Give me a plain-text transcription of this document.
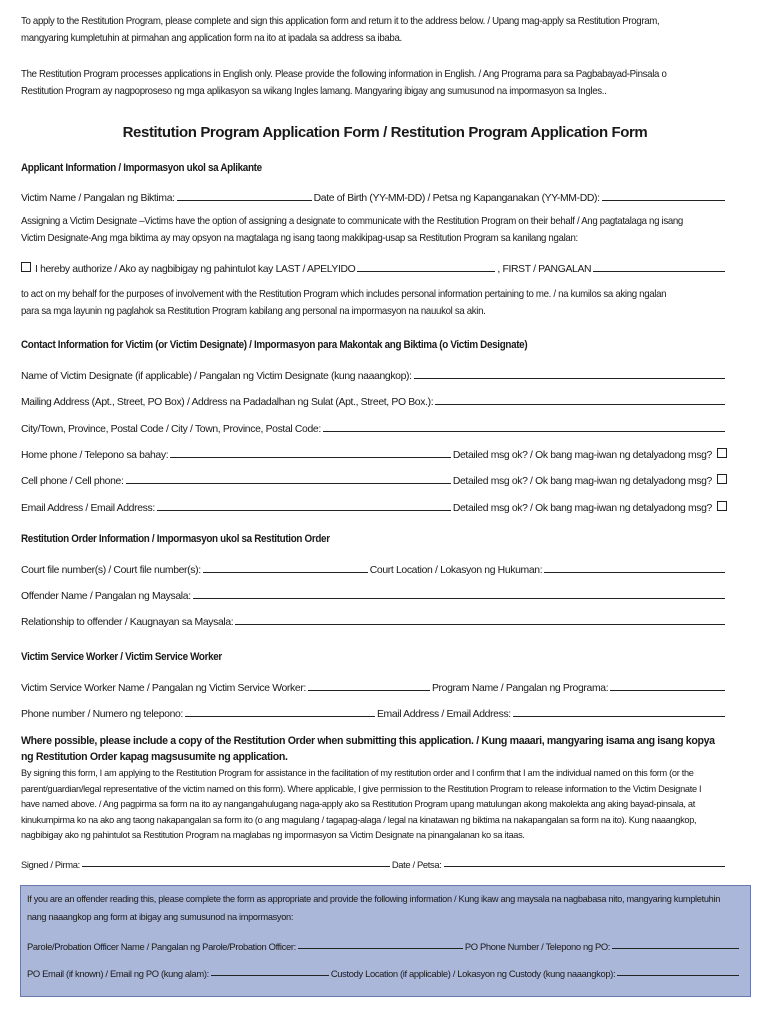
To apply to the Restitution Program, please complete and sign this application form and return it to the address below. / Upang mag-apply sa Restitution Program,
mangyaring kumpletuhin at pirmahan ang application form na ito at ipadala sa address sa ibaba.
The Restitution Program processes applications in English only. Please provide the following information in English. / Ang Programa para sa Pagbabayad-Pinsala o
Restitution Program ay nagpoproseso ng mga aplikasyon sa wikang Ingles lamang. Mangyaring ibigay ang sumusunod na impormasyon sa Ingles..
Restitution Program Application Form / Restitution Program Application Form
Applicant Information / Impormasyon ukol sa Aplikante
Victim Name / Pangalan ng Biktima:	Date of Birth (YY-MM-DD) / Petsa ng Kapanganakan (YY-MM-DD):
Assigning a Victim Designate –Victims have the option of assigning a designate to communicate with the Restitution Program on their behalf / Ang pagtatalaga ng isang
Victim Designate-Ang mga biktima ay may opsyon na magtalaga ng isang taong makikipag-usap sa Restitution Program sa kanilang ngalan:
I hereby authorize / Ako ay nagbibigay ng pahintulot kay LAST / APELYIDO	, FIRST / PANGALAN
to act on my behalf for the purposes of involvement with the Restitution Program which includes personal information pertaining to me. / na kumilos sa aking ngalan
para sa mga layunin ng paglahok sa Restitution Program kabilang ang personal na impormasyon na nauukol sa akin.
Contact Information for Victim (or Victim Designate) / Impormasyon para Makontak ang Biktima (o Victim Designate)
Name of Victim Designate (if applicable) / Pangalan ng Victim Designate (kung naaangkop):
Mailing Address (Apt., Street, PO Box) / Address na Padadalhan ng Sulat (Apt., Street, PO Box.):
City/Town, Province, Postal Code / City / Town, Province, Postal Code:
Home phone / Telepono sa bahay:	Detailed msg ok? / Ok bang mag-iwan ng detalyadong msg?
Cell phone / Cell phone:	Detailed msg ok? / Ok bang mag-iwan ng detalyadong msg?
Email Address / Email Address:	Detailed msg ok? / Ok bang mag-iwan ng detalyadong msg?
Restitution Order Information / Impormasyon ukol sa Restitution Order
Court file number(s) / Court file number(s):	Court Location / Lokasyon ng Hukuman:
Offender Name / Pangalan ng Maysala:
Relationship to offender / Kaugnayan sa Maysala:
Victim Service Worker / Victim Service Worker
Victim Service Worker Name / Pangalan ng Victim Service Worker:	Program Name / Pangalan ng Programa:
Phone number / Numero ng telepono:	Email Address / Email Address:
Where possible, please include a copy of the Restitution Order when submitting this application. / Kung maaari, mangyaring isama ang isang kopya
ng Restitution Order kapag magsusumite ng application.
By signing this form, I am applying to the Restitution Program for assistance in the facilitation of my restitution order and I confirm that I am the individual named on this form (or the
parent/guardian/legal representative of the victim named on this form). Where applicable, I give permission to the Restitution Program to release information to the Victim Designate I
have named above. / Ang pagpirma sa form na ito ay nangangahulugang naga-apply ako sa Restitution Program upang matulungan akong makolekta ang aking bayad-pinsala, at
kinukumpirma ko na ako ang taong nakapangalan sa form ito (o ang magulang / tagapag-alaga / legal na kinatawan ng biktima na nakapangalan sa form na ito). Kung naaangkop,
nagbibigay ako ng pahintulot sa Restitution Program na maglabas ng impormasyon sa Victim Designate na pinangalanan ko sa itaas.
Signed / Pirma:	Date / Petsa:
If you are an offender reading this, please complete the form as appropriate and provide the following information / Kung ikaw ang maysala na nagbabasa nito, mangyaring kumpletuhin
nang naaangkop ang form at ibigay ang sumusunod na impormasyon:
Parole/Probation Officer Name / Pangalan ng Parole/Probation Officer:	PO Phone Number / Telepono ng PO:
PO Email (if known) / Email ng PO (kung alam):	Custody Location (if applicable) / Lokasyon ng Custody (kung naaangkop):
